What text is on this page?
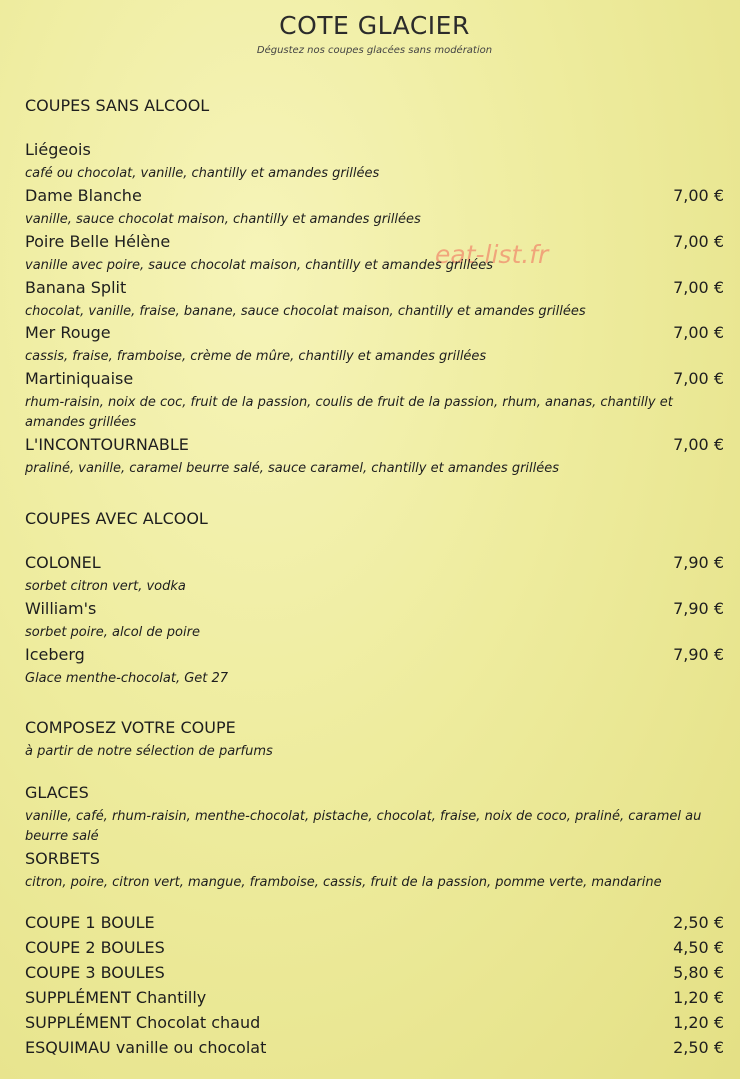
eat-list.fr
COTE GLACIER
Dégustez nos coupes glacées sans modération
COUPES SANS ALCOOL
Liégeois
café ou chocolat, vanille, chantilly et amandes grillées
Dame Blanche	7,00 €
vanille, sauce chocolat maison, chantilly et amandes grillées
Poire Belle Hélène	7,00 €
vanille avec poire, sauce chocolat maison, chantilly et amandes grillées
Banana Split	7,00 €
chocolat, vanille, fraise, banane, sauce chocolat maison, chantilly et amandes grillées
Mer Rouge	7,00 €
cassis, fraise, framboise, crème de mûre, chantilly et amandes grillées
Martiniquaise	7,00 €
rhum-raisin, noix de coc, fruit de la passion, coulis de fruit de la passion, rhum, ananas, chantilly et amandes grillées
L'INCONTOURNABLE	7,00 €
praliné, vanille, caramel beurre salé, sauce caramel, chantilly et amandes grillées
COUPES AVEC ALCOOL
COLONEL	7,90 €
sorbet citron vert, vodka
William's	7,90 €
sorbet poire, alcol de poire
Iceberg	7,90 €
Glace menthe-chocolat, Get 27
COMPOSEZ VOTRE COUPE
à partir de notre sélection de parfums
GLACES
vanille, café, rhum-raisin, menthe-chocolat, pistache, chocolat, fraise, noix de coco, praliné, caramel au beurre salé
SORBETS
citron, poire, citron vert, mangue, framboise, cassis, fruit de la passion, pomme verte, mandarine
COUPE 1 BOULE	2,50 €
COUPE 2 BOULES	4,50 €
COUPE 3 BOULES	5,80 €
SUPPLÉMENT Chantilly	1,20 €
SUPPLÉMENT Chocolat chaud	1,20 €
ESQUIMAU vanille ou chocolat	2,50 €
